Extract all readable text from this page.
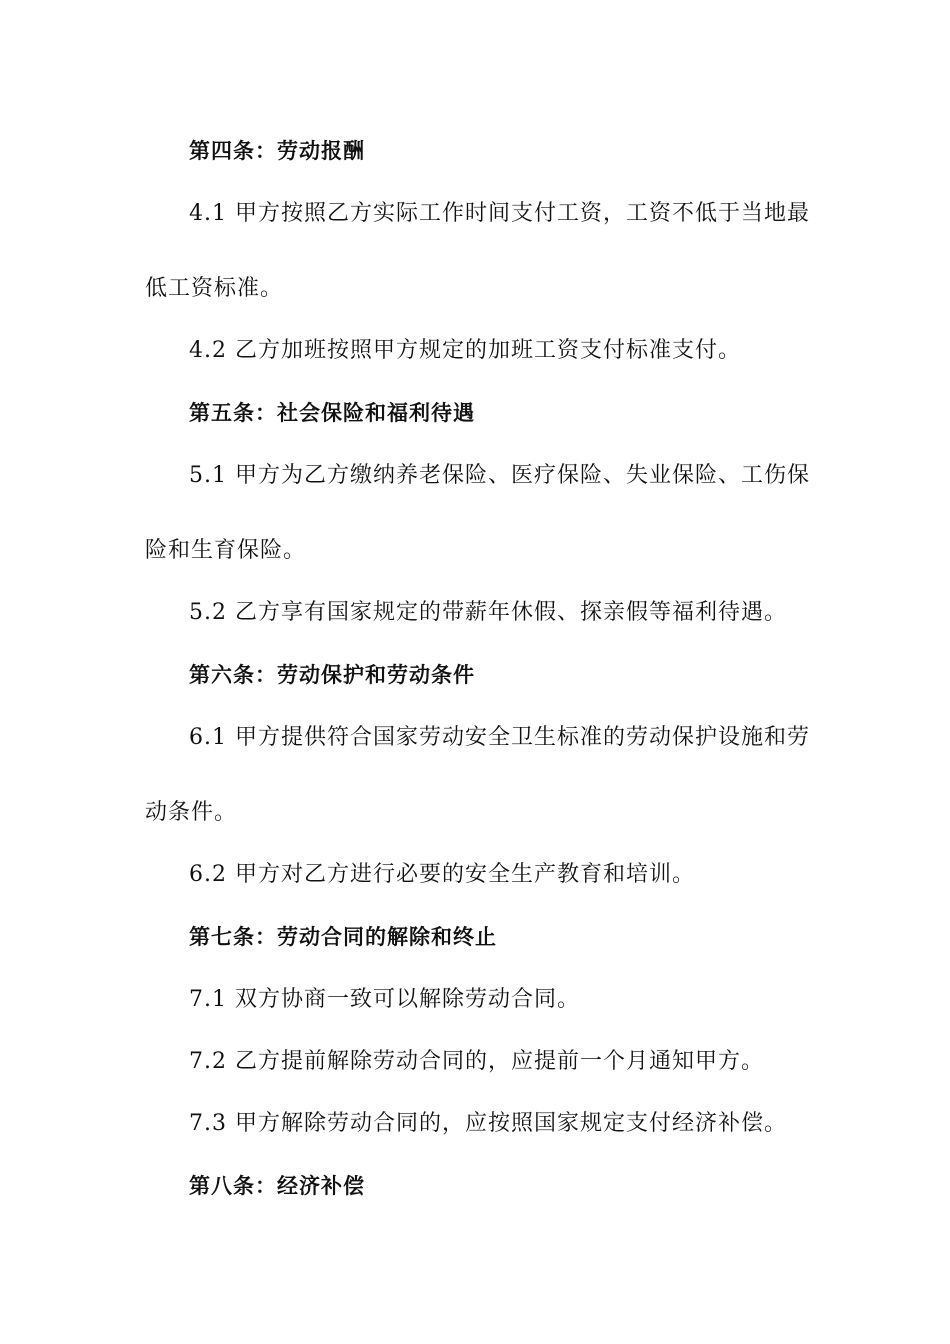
第四条：劳动报酬

4.1 甲方按照乙方实际工作时间支付工资，工资不低于当地最

低工资标准。

4.2 乙方加班按照甲方规定的加班工资支付标准支付。

第五条：社会保险和福利待遇

5.1 甲方为乙方缴纳养老保险、医疗保险、失业保险、工伤保

险和生育保险。

5.2 乙方享有国家规定的带薪年休假、探亲假等福利待遇。

第六条：劳动保护和劳动条件

6.1 甲方提供符合国家劳动安全卫生标准的劳动保护设施和劳

动条件。

6.2 甲方对乙方进行必要的安全生产教育和培训。

第七条：劳动合同的解除和终止

7.1 双方协商一致可以解除劳动合同。

7.2 乙方提前解除劳动合同的，应提前一个月通知甲方。

7.3 甲方解除劳动合同的，应按照国家规定支付经济补偿。

第八条：经济补偿
